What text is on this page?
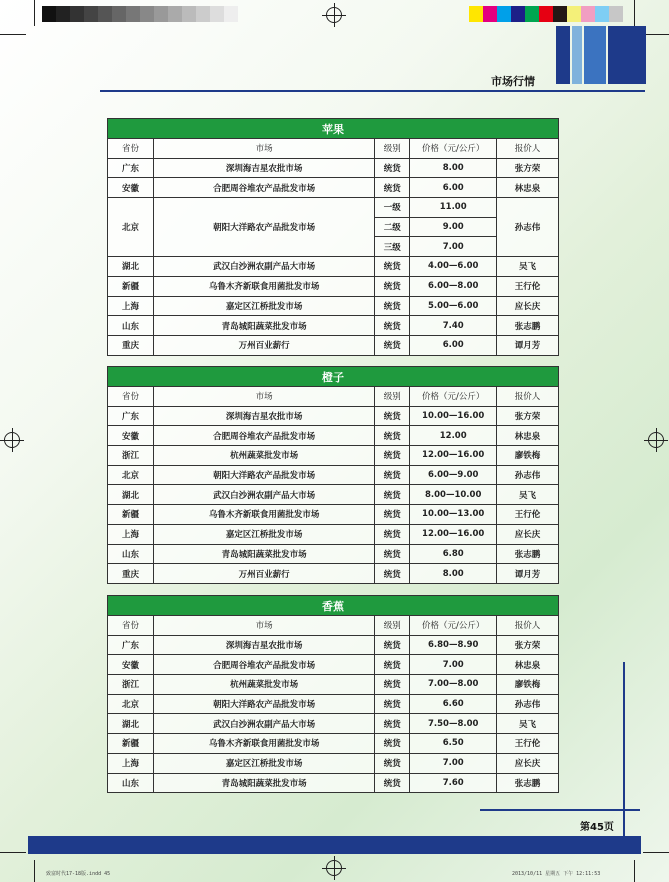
市场行情
苹果				
省份	市场	级别	价格（元/公斤）	报价人
广东	深圳海吉星农批市场	统货	8.00	张方荣
安徽	合肥周谷堆农产品批发市场	统货	6.00	林忠泉
北京	朝阳大洋路农产品批发市场	一级	11.00	孙志伟
		二级	9.00	
		三级	7.00	
湖北	武汉白沙洲农副产品大市场	统货	4.00—6.00	吴飞
新疆	乌鲁木齐新联食用菌批发市场	统货	6.00—8.00	王行伦
上海	嘉定区江桥批发市场	统货	5.00—6.00	应长庆
山东	青岛城阳蔬菜批发市场	统货	7.40	张志鹏
重庆	万州百业薪行	统货	6.00	谭月芳
橙子				
省份	市场	级别	价格（元/公斤）	报价人
广东	深圳海吉星农批市场	统货	10.00—16.00	张方荣
安徽	合肥周谷堆农产品批发市场	统货	12.00	林忠泉
浙江	杭州蔬菜批发市场	统货	12.00—16.00	廖铁梅
北京	朝阳大洋路农产品批发市场	统货	6.00—9.00	孙志伟
湖北	武汉白沙洲农副产品大市场	统货	8.00—10.00	吴飞
新疆	乌鲁木齐新联食用菌批发市场	统货	10.00—13.00	王行伦
上海	嘉定区江桥批发市场	统货	12.00—16.00	应长庆
山东	青岛城阳蔬菜批发市场	统货	6.80	张志鹏
重庆	万州百业薪行	统货	8.00	谭月芳
香蕉				
省份	市场	级别	价格（元/公斤）	报价人
广东	深圳海吉星农批市场	统货	6.80—8.90	张方荣
安徽	合肥周谷堆农产品批发市场	统货	7.00	林忠泉
浙江	杭州蔬菜批发市场	统货	7.00—8.00	廖铁梅
北京	朝阳大洋路农产品批发市场	统货	6.60	孙志伟
湖北	武汉白沙洲农副产品大市场	统货	7.50—8.00	吴飞
新疆	乌鲁木齐新联食用菌批发市场	统货	6.50	王行伦
上海	嘉定区江桥批发市场	统货	7.00	应长庆
山东	青岛城阳蔬菜批发市场	统货	7.60	张志鹏
第45页
致富时代17-18版.indd 45	2013/10/11 星期五 下午 12:11:53
